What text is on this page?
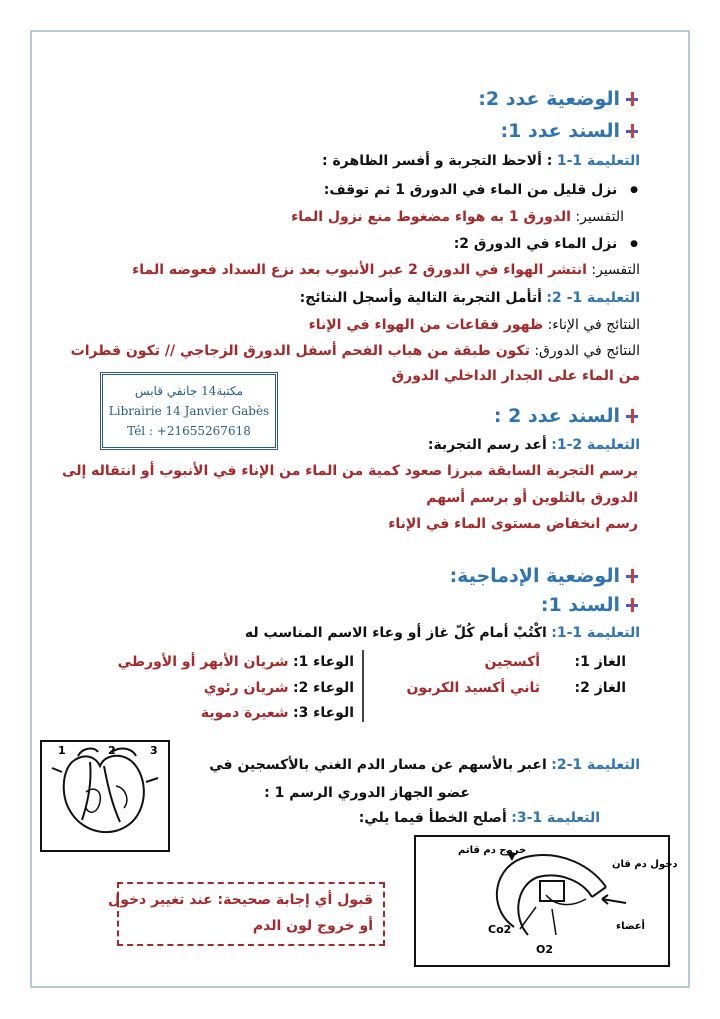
الوضعية عدد 2:
السند عدد 1:
التعليمة 1-1 : ألاحظ التجربة و أفسر الظاهرة :
● نزل قليل من الماء في الدورق 1 ثم توقف:
التفسير: الدورق 1 به هواء مضغوط منع نزول الماء
● نزل الماء في الدورق 2:
التفسير: انتشر الهواء في الدورق 2 عبر الأنبوب بعد نزع السداد فعوضه الماء
التعليمة 1- 2: أتأمل التجربة التالية وأسجل النتائج:
النتائج في الإناء: ظهور فقاعات من الهواء في الإناء
النتائج في الدورق: تكون طبقة من هباب الفحم أسفل الدورق الزجاجي // تكون قطرات
من الماء على الجدار الداخلي الدورق
مكتبة14 جانفي قابس
Librairie 14 Janvier Gabès
Tél : +21655267618
السند عدد 2 :
التعليمة 2-1: أعد رسم التجربة:
يرسم التجربة السابقة مبرزا صعود كمية من الماء من الإناء في الأنبوب أو انتقاله إلى
الدورق بالتلوين أو برسم أسهم
رسم انخفاض مستوى الماء في الإناء
الوضعية الإدماجية:
السند 1:
التعليمة 1-1: اكْتُبْ أمام كُلّ غاز أو وعاء الاسم المناسب له
الغاز 1: أكسجين
الغاز 2: ثاني أكسيد الكربون
الوعاء 1: شريان الأبهر أو الأورطي
الوعاء 2: شريان رئوي
الوعاء 3: شعيرة دموية
1	2	3
التعليمة 1-2: اعبر بالأسهم عن مسار الدم الغني بالأكسجين في
عضو الجهاز الدوري الرسم 1 :
التعليمة 1-3: أصلح الخطأ فيما يلي:
خروج دم قاتم
دخول دم قان
Co2
O2
أعضاء
قبول أي إجابة صحيحة: عند تغيير دخول
أو خروج لون الدم
